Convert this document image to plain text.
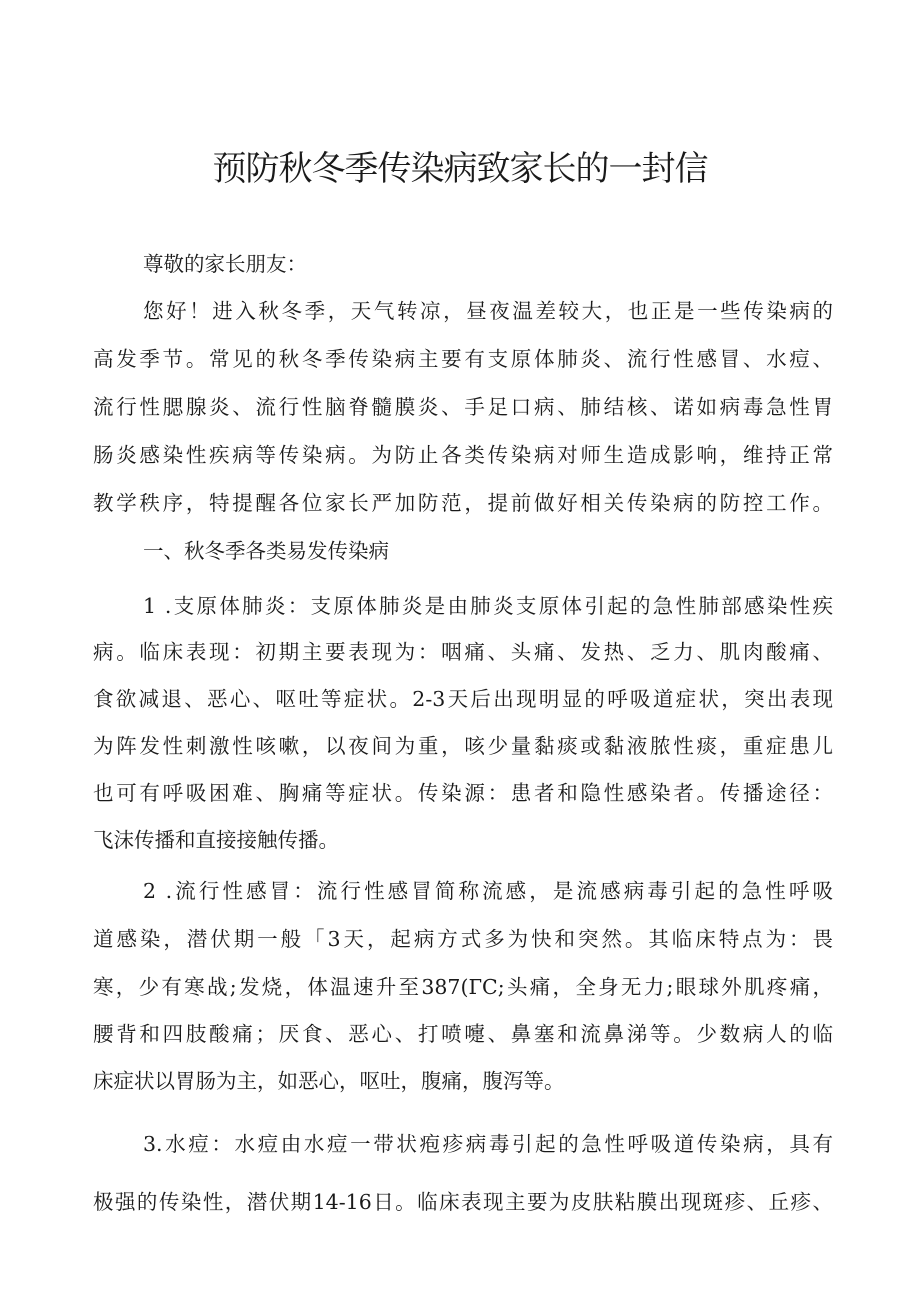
预防秋冬季传染病致家长的一封信
尊敬的家长朋友：
您好！进入秋冬季，天气转凉，昼夜温差较大，也正是一些传染病的
高发季节。常见的秋冬季传染病主要有支原体肺炎、流行性感冒、水痘、
流行性腮腺炎、流行性脑脊髓膜炎、手足口病、肺结核、诺如病毒急性胃
肠炎感染性疾病等传染病。为防止各类传染病对师生造成影响，维持正常
教学秩序，特提醒各位家长严加防范，提前做好相关传染病的防控工作。
一、秋冬季各类易发传染病
1 .支原体肺炎：支原体肺炎是由肺炎支原体引起的急性肺部感染性疾
病。临床表现：初期主要表现为：咽痛、头痛、发热、乏力、肌肉酸痛、
食欲减退、恶心、呕吐等症状。2-3天后出现明显的呼吸道症状，突出表现
为阵发性刺激性咳嗽，以夜间为重，咳少量黏痰或黏液脓性痰，重症患儿
也可有呼吸困难、胸痛等症状。传染源：患者和隐性感染者。传播途径：
飞沫传播和直接接触传播。
2 .流行性感冒：流行性感冒简称流感，是流感病毒引起的急性呼吸
道感染，潜伏期一般「3天，起病方式多为快和突然。其临床特点为：畏
寒，少有寒战;发烧，体温速升至387(ГC;头痛，全身无力;眼球外肌疼痛，
腰背和四肢酸痛；厌食、恶心、打喷嚏、鼻塞和流鼻涕等。少数病人的临
床症状以胃肠为主，如恶心，呕吐，腹痛，腹泻等。
3.水痘：水痘由水痘一带状疱疹病毒引起的急性呼吸道传染病，具有
极强的传染性，潜伏期14-16日。临床表现主要为皮肤粘膜出现斑疹、丘疹、
